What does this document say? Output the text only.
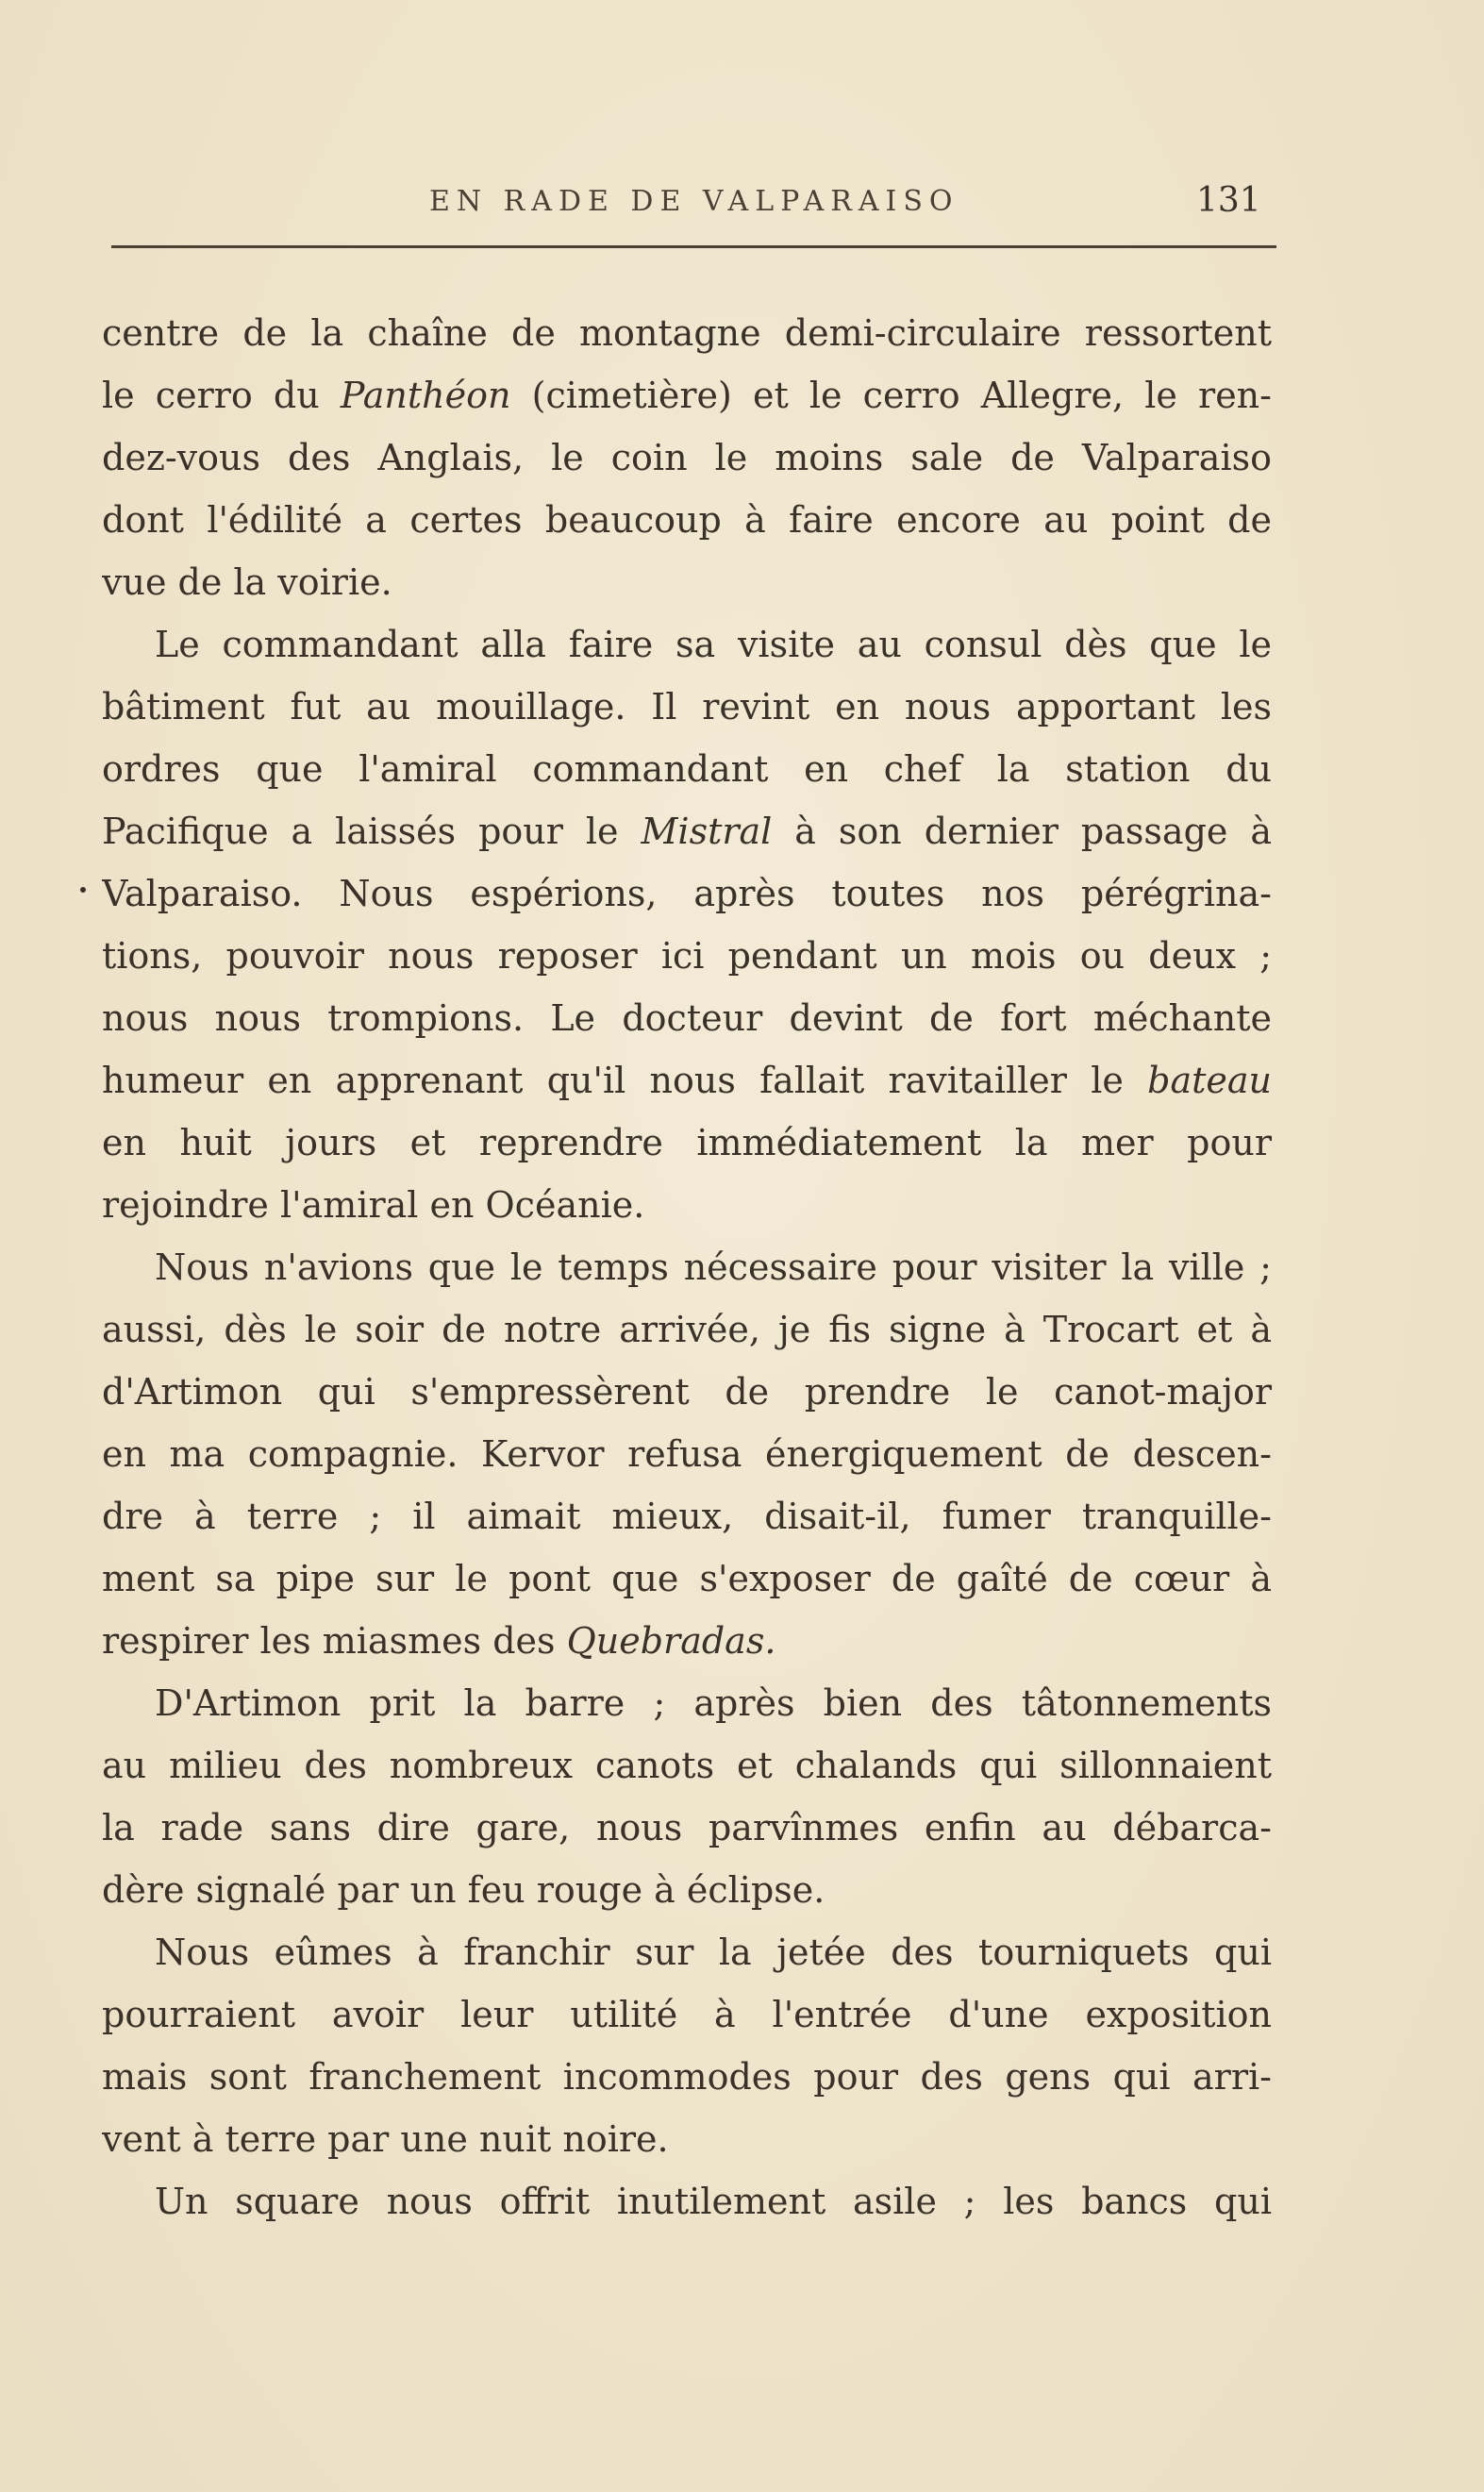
EN RADE DE VALPARAISO	131
centre de la chaîne de montagne demi-circulaire ressortent
le cerro du Panthéon (cimetière) et le cerro Allegre, le ren-
dez-vous des Anglais, le coin le moins sale de Valparaiso
dont l'édilité a certes beaucoup à faire encore au point de
vue de la voirie.
Le commandant alla faire sa visite au consul dès que le
bâtiment fut au mouillage. Il revint en nous apportant les
ordres que l'amiral commandant en chef la station du
Pacifique a laissés pour le Mistral à son dernier passage à
Valparaiso. Nous espérions, après toutes nos pérégrina-
tions, pouvoir nous reposer ici pendant un mois ou deux ;
nous nous trompions. Le docteur devint de fort méchante
humeur en apprenant qu'il nous fallait ravitailler le bateau
en huit jours et reprendre immédiatement la mer pour
rejoindre l'amiral en Océanie.
Nous n'avions que le temps nécessaire pour visiter la ville ;
aussi, dès le soir de notre arrivée, je fis signe à Trocart et à
d'Artimon qui s'empressèrent de prendre le canot-major
en ma compagnie. Kervor refusa énergiquement de descen-
dre à terre ; il aimait mieux, disait-il, fumer tranquille-
ment sa pipe sur le pont que s'exposer de gaîté de cœur à
respirer les miasmes des Quebradas.
D'Artimon prit la barre ; après bien des tâtonnements
au milieu des nombreux canots et chalands qui sillonnaient
la rade sans dire gare, nous parvînmes enfin au débarca-
dère signalé par un feu rouge à éclipse.
Nous eûmes à franchir sur la jetée des tourniquets qui
pourraient avoir leur utilité à l'entrée d'une exposition
mais sont franchement incommodes pour des gens qui arri-
vent à terre par une nuit noire.
Un square nous offrit inutilement asile ; les bancs qui
